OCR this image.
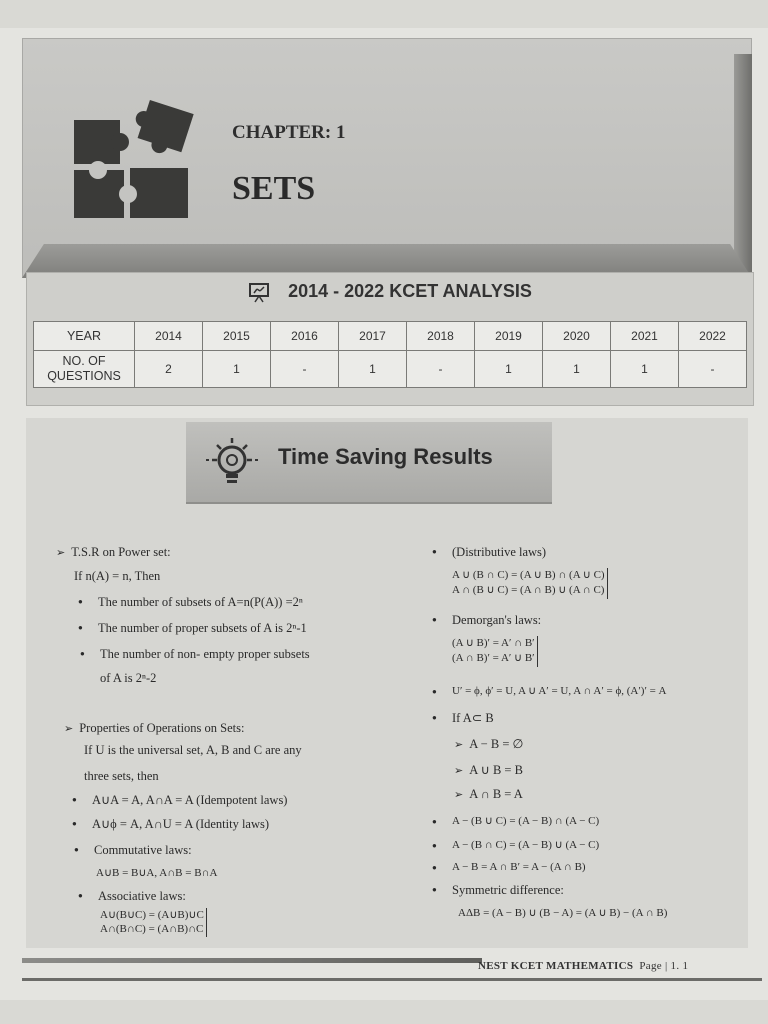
CHAPTER: 1
SETS
2014 - 2022 KCET ANALYSIS
YEAR	2014	2015	2016	2017	2018	2019	2020	2021	2022
NO. OF QUESTIONS	2	1	-	1	-	1	1	1	-
Time Saving Results

➢ T.S.R on Power set:

If n(A) = n, Then

● The number of subsets of A=n(P(A)) =2ⁿ

● The number of proper subsets of A is 2ⁿ-1

● The number of non- empty proper subsets

of A is 2ⁿ-2

➢ Properties of Operations on Sets:

If U is the universal set, A, B and C are any

three sets, then

● A∪A = A, A∩A = A (Idempotent laws)

● A∪ϕ = A, A∩U = A (Identity laws)

● Commutative laws:

A∪B = B∪A, A∩B = B∩A

● Associative laws:

A∪(B∪C) = (A∪B)∪C
A∩(B∩C) = (A∩B)∩C

● (Distributive laws)

A ∪ (B ∩ C) = (A ∪ B) ∩ (A ∪ C)
A ∩ (B ∪ C) = (A ∩ B) ∪ (A ∩ C)

● Demorgan's laws:

(A ∪ B)′ = A′ ∩ B′
(A ∩ B)′ = A′ ∪ B′

● U′ = ϕ, ϕ′ = U, A ∪ A′ = U, A ∩ A′ = ϕ, (A′)′ = A

● If A⊂ B

➢ A − B = ∅

➢ A ∪ B = B

➢ A ∩ B = A

● A − (B ∪ C) = (A − B) ∩ (A − C)

● A − (B ∩ C) = (A − B) ∪ (A − C)

● A − B = A ∩ B′ = A − (A ∩ B)

● Symmetric difference:

AΔB = (A − B) ∪ (B − A) = (A ∪ B) − (A ∩ B)

NEST KCET MATHEMATICS Page | 1. 1
